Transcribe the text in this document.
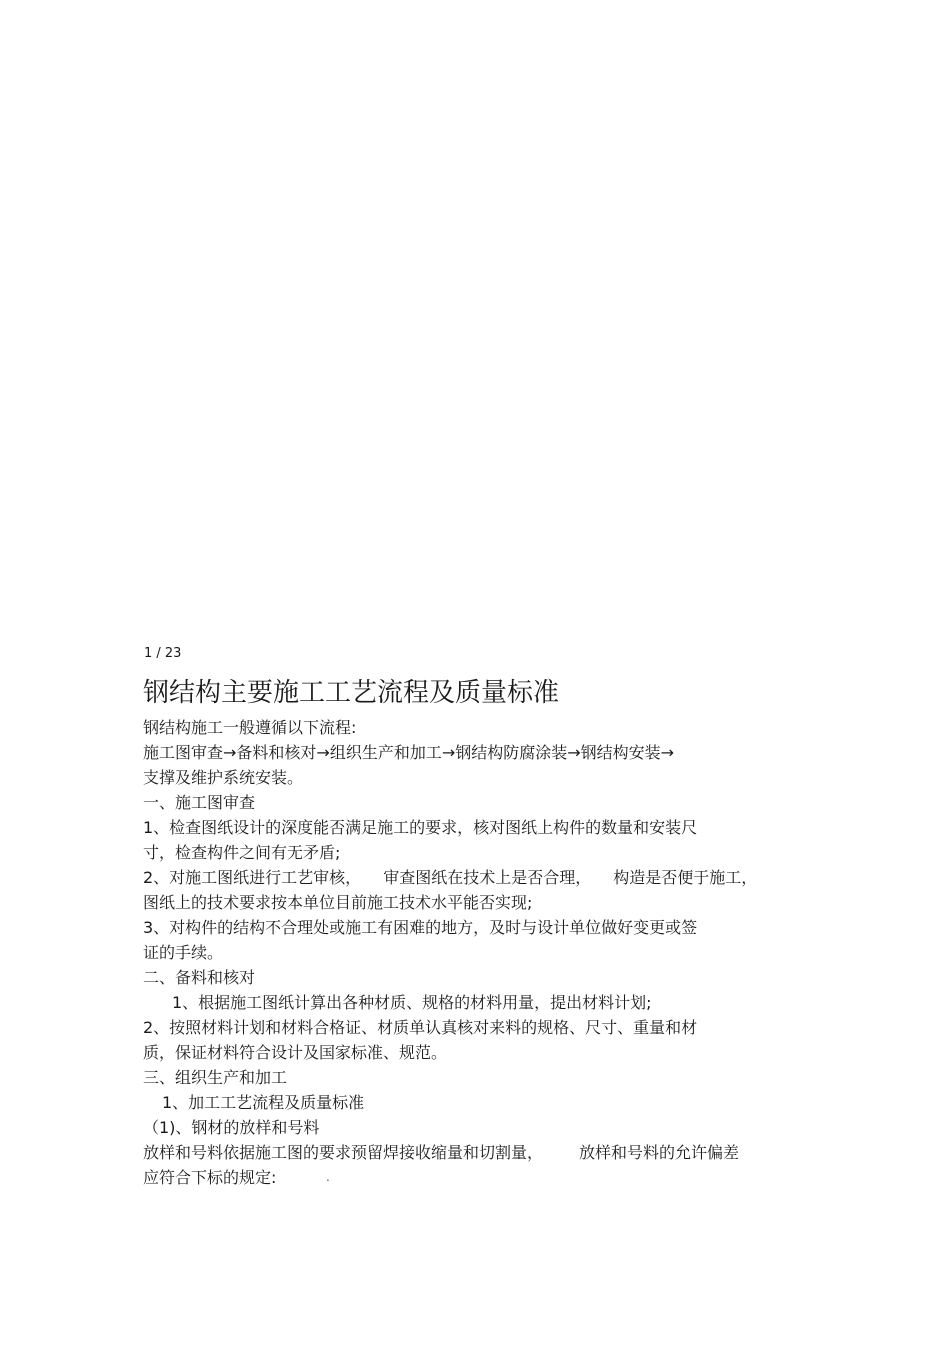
1 / 23
钢结构主要施工工艺流程及质量标准
钢结构施工一般遵循以下流程:
施工图审查→备料和核对→组织生产和加工→钢结构防腐涂装→钢结构安装→
支撑及维护系统安装。
一、施工图审查
1、检查图纸设计的深度能否满足施工的要求，核对图纸上构件的数量和安装尺
寸，检查构件之间有无矛盾;
2、对施工图纸进行工艺审核， 审查图纸在技术上是否合理， 构造是否便于施工，
图纸上的技术要求按本单位目前施工技术水平能否实现;
3、对构件的结构不合理处或施工有困难的地方，及时与设计单位做好变更或签
证的手续。
二、备料和核对
1、根据施工图纸计算出各种材质、规格的材料用量，提出材料计划;
2、按照材料计划和材料合格证、材质单认真核对来料的规格、尺寸、重量和材
质，保证材料符合设计及国家标准、规范。
三、组织生产和加工
1、加工工艺流程及质量标准
（1)、钢材的放样和号料
放样和号料依据施工图的要求预留焊接收缩量和切割量， 放样和号料的允许偏差
应符合下标的规定:	.
